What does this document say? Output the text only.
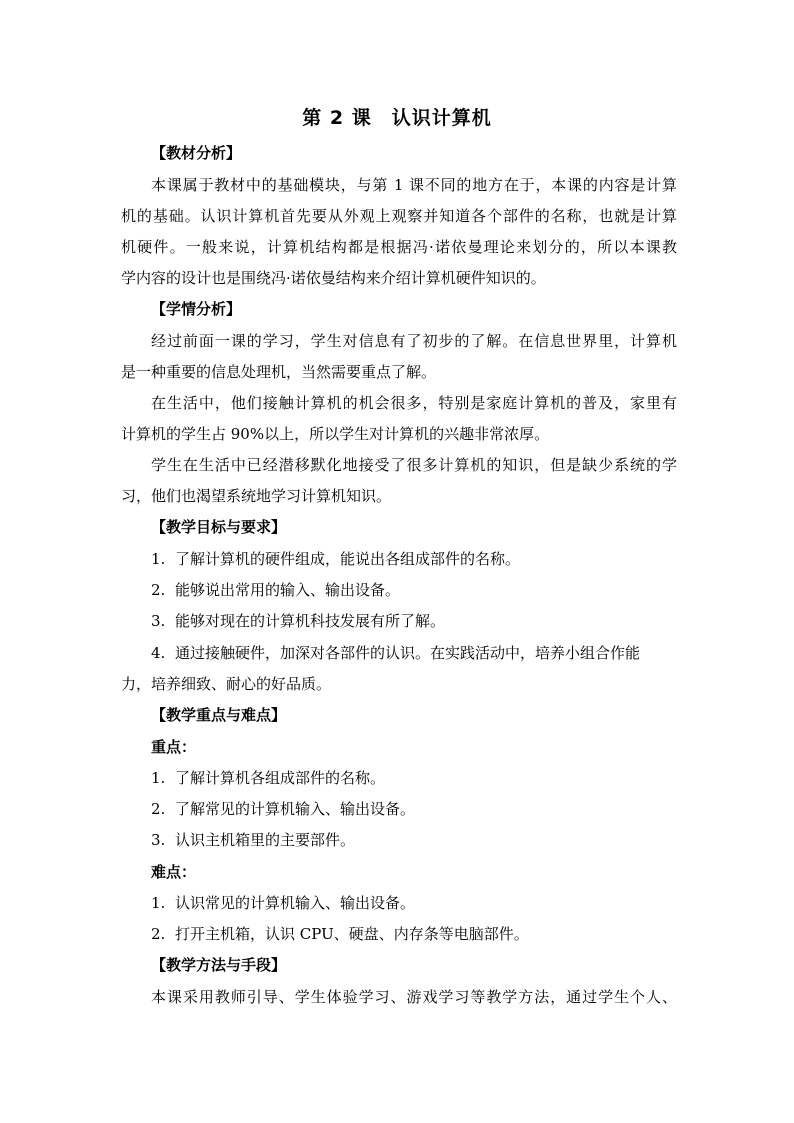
第 2 课　认识计算机
【教材分析】
本课属于教材中的基础模块，与第 1 课不同的地方在于，本课的内容是计算
机的基础。认识计算机首先要从外观上观察并知道各个部件的名称，也就是计算
机硬件。一般来说，计算机结构都是根据冯·诺依曼理论来划分的，所以本课教
学内容的设计也是围绕冯·诺依曼结构来介绍计算机硬件知识的。
【学情分析】
经过前面一课的学习，学生对信息有了初步的了解。在信息世界里，计算机
是一种重要的信息处理机，当然需要重点了解。
在生活中，他们接触计算机的机会很多，特别是家庭计算机的普及，家里有
计算机的学生占 90%以上，所以学生对计算机的兴趣非常浓厚。
学生在生活中已经潜移默化地接受了很多计算机的知识，但是缺少系统的学
习，他们也渴望系统地学习计算机知识。
【教学目标与要求】
1. 了解计算机的硬件组成，能说出各组成部件的名称。
2. 能够说出常用的输入、输出设备。
3. 能够对现在的计算机科技发展有所了解。
4. 通过接触硬件，加深对各部件的认识。在实践活动中，培养小组合作能
力，培养细致、耐心的好品质。
【教学重点与难点】
重点：
1. 了解计算机各组成部件的名称。
2. 了解常见的计算机输入、输出设备。
3. 认识主机箱里的主要部件。
难点：
1. 认识常见的计算机输入、输出设备。
2. 打开主机箱，认识 CPU、硬盘、内存条等电脑部件。
【教学方法与手段】
本课采用教师引导、学生体验学习、游戏学习等教学方法，通过学生个人、
